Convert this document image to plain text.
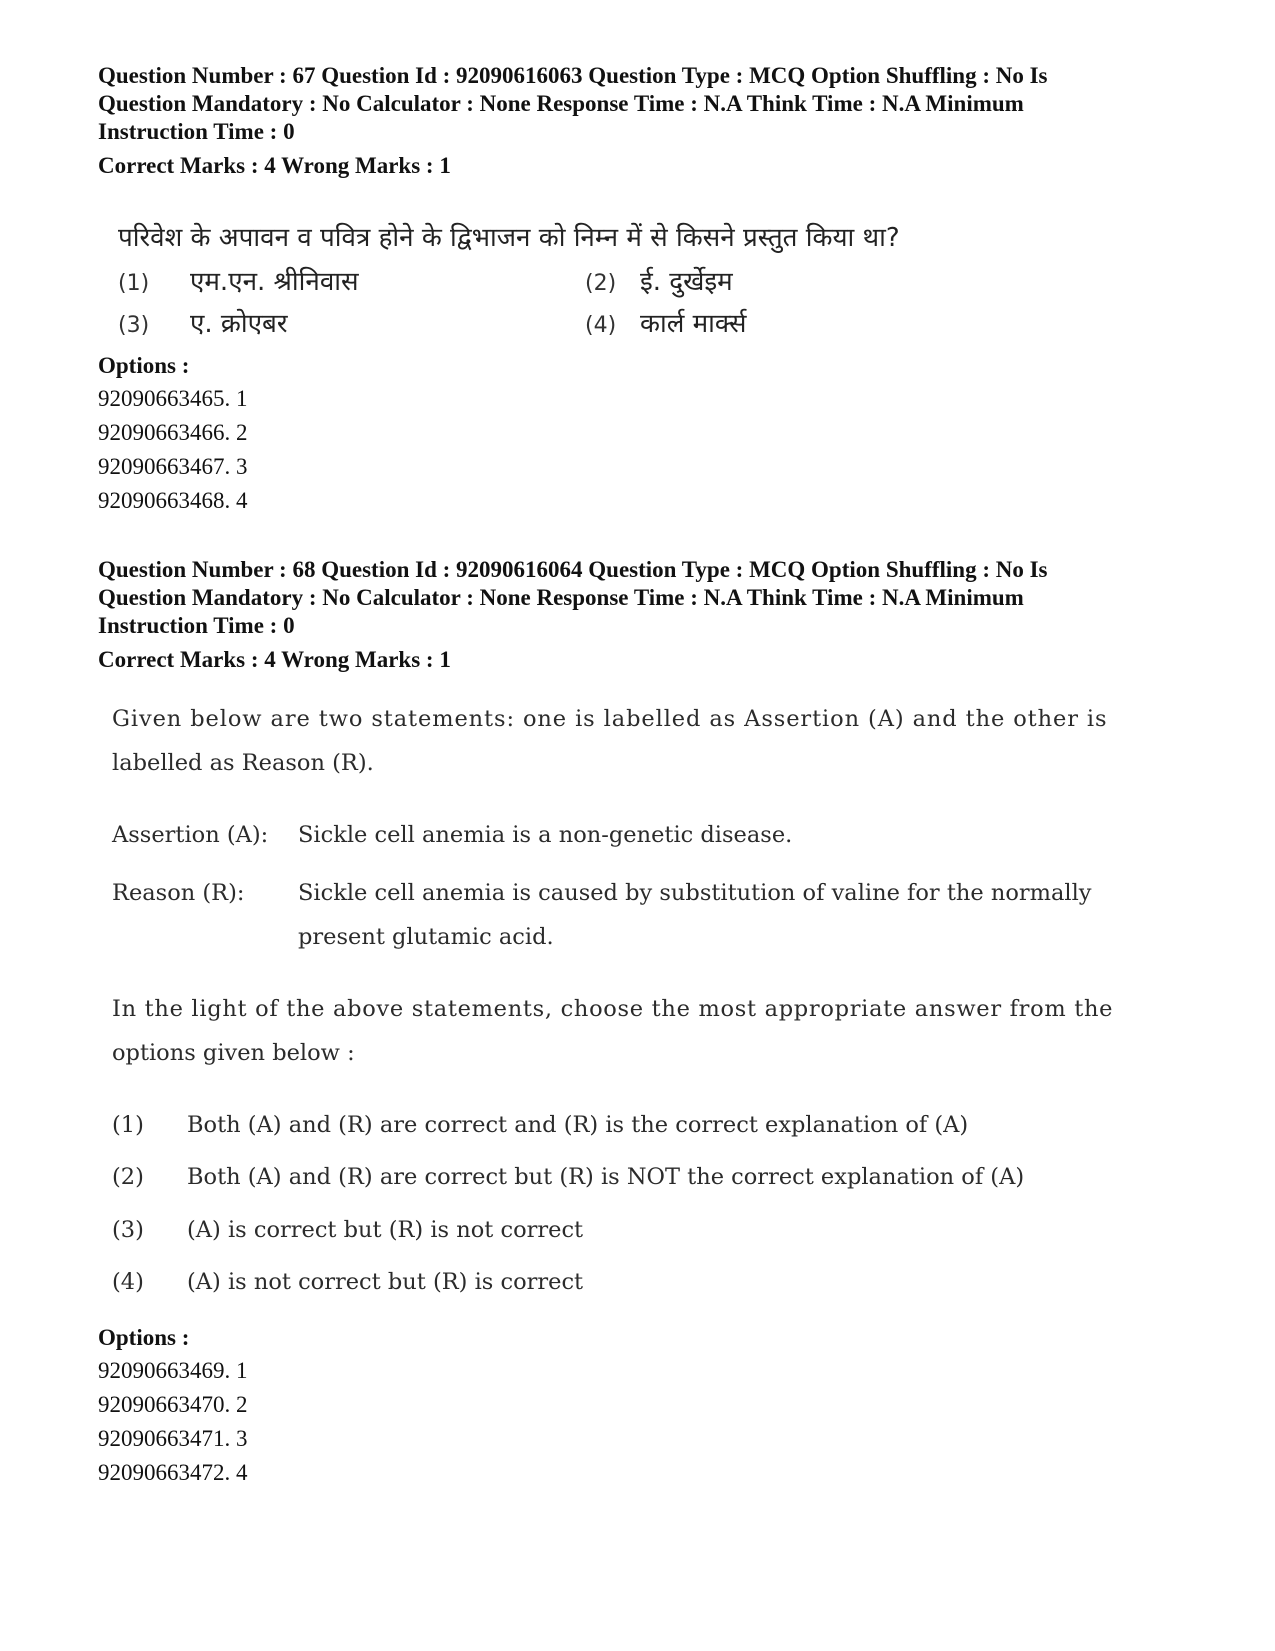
Question Number : 67 Question Id : 92090616063 Question Type : MCQ Option Shuffling : No Is
Question Mandatory : No Calculator : None Response Time : N.A Think Time : N.A Minimum
Instruction Time : 0
Correct Marks : 4 Wrong Marks : 1
परिवेश के अपावन व पवित्र होने के द्विभाजन को निम्न में से किसने प्रस्तुत किया था?
(1) एम.एन. श्रीनिवास	(2) ई. दुर्खेइम
(3) ए. क्रोएबर	(4) कार्ल मार्क्स
Options :
92090663465. 1
92090663466. 2
92090663467. 3
92090663468. 4
Question Number : 68 Question Id : 92090616064 Question Type : MCQ Option Shuffling : No Is
Question Mandatory : No Calculator : None Response Time : N.A Think Time : N.A Minimum
Instruction Time : 0
Correct Marks : 4 Wrong Marks : 1
Given below are two statements: one is labelled as Assertion (A) and the other is
labelled as Reason (R).
Assertion (A): Sickle cell anemia is a non-genetic disease.
Reason (R): Sickle cell anemia is caused by substitution of valine for the normally
present glutamic acid.
In the light of the above statements, choose the most appropriate answer from the
options given below :
(1) Both (A) and (R) are correct and (R) is the correct explanation of (A)
(2) Both (A) and (R) are correct but (R) is NOT the correct explanation of (A)
(3) (A) is correct but (R) is not correct
(4) (A) is not correct but (R) is correct
Options :
92090663469. 1
92090663470. 2
92090663471. 3
92090663472. 4
